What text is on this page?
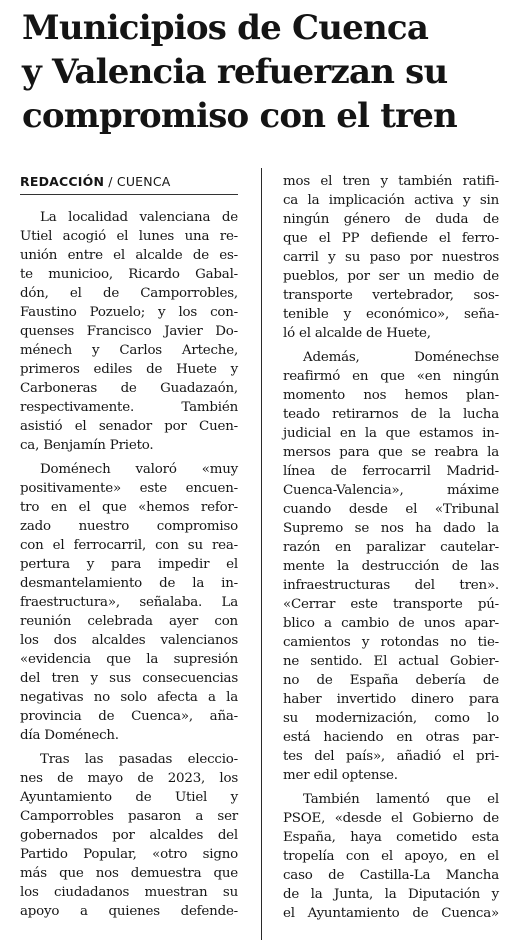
Municipios de Cuenca
y Valencia refuerzan su
compromiso con el tren
REDACCIÓN / CUENCA

La localidad valenciana de
Utiel acogió el lunes una re-
unión entre el alcalde de es-
te municioo, Ricardo Gabal-
dón, el de Camporrobles,
Faustino Pozuelo; y los con-
quenses Francisco Javier Do-
ménech y Carlos Arteche,
primeros ediles de Huete y
Carboneras de Guadazaón,
respectivamente. También
asistió el senador por Cuen-
ca, Benjamín Prieto.

Doménech valoró «muy
positivamente» este encuen-
tro en el que «hemos refor-
zado nuestro compromiso
con el ferrocarril, con su rea-
pertura y para impedir el
desmantelamiento de la in-
fraestructura», señalaba. La
reunión celebrada ayer con
los dos alcaldes valencianos
«evidencia que la supresión
del tren y sus consecuencias
negativas no solo afecta a la
provincia de Cuenca», aña-
día Doménech.

Tras las pasadas eleccio-
nes de mayo de 2023, los
Ayuntamiento de Utiel y
Camporrobles pasaron a ser
gobernados por alcaldes del
Partido Popular, «otro signo
más que nos demuestra que
los ciudadanos muestran su
apoyo a quienes defende-

mos el tren y también ratifi-
ca la implicación activa y sin
ningún género de duda de
que el PP defiende el ferro-
carril y su paso por nuestros
pueblos, por ser un medio de
transporte vertebrador, sos-
tenible y económico», seña-
ló el alcalde de Huete,

Además, Doménechse
reafirmó en que «en ningún
momento nos hemos plan-
teado retirarnos de la lucha
judicial en la que estamos in-
mersos para que se reabra la
línea de ferrocarril Madrid-
Cuenca-Valencia», máxime
cuando desde el «Tribunal
Supremo se nos ha dado la
razón en paralizar cautelar-
mente la destrucción de las
infraestructuras del tren».
«Cerrar este transporte pú-
blico a cambio de unos apar-
camientos y rotondas no tie-
ne sentido. El actual Gobier-
no de España debería de
haber invertido dinero para
su modernización, como lo
está haciendo en otras par-
tes del país», añadió el pri-
mer edil optense.

También lamentó que el
PSOE, «desde el Gobierno de
España, haya cometido esta
tropelía con el apoyo, en el
caso de Castilla-La Mancha
de la Junta, la Diputación y
el Ayuntamiento de Cuenca»
